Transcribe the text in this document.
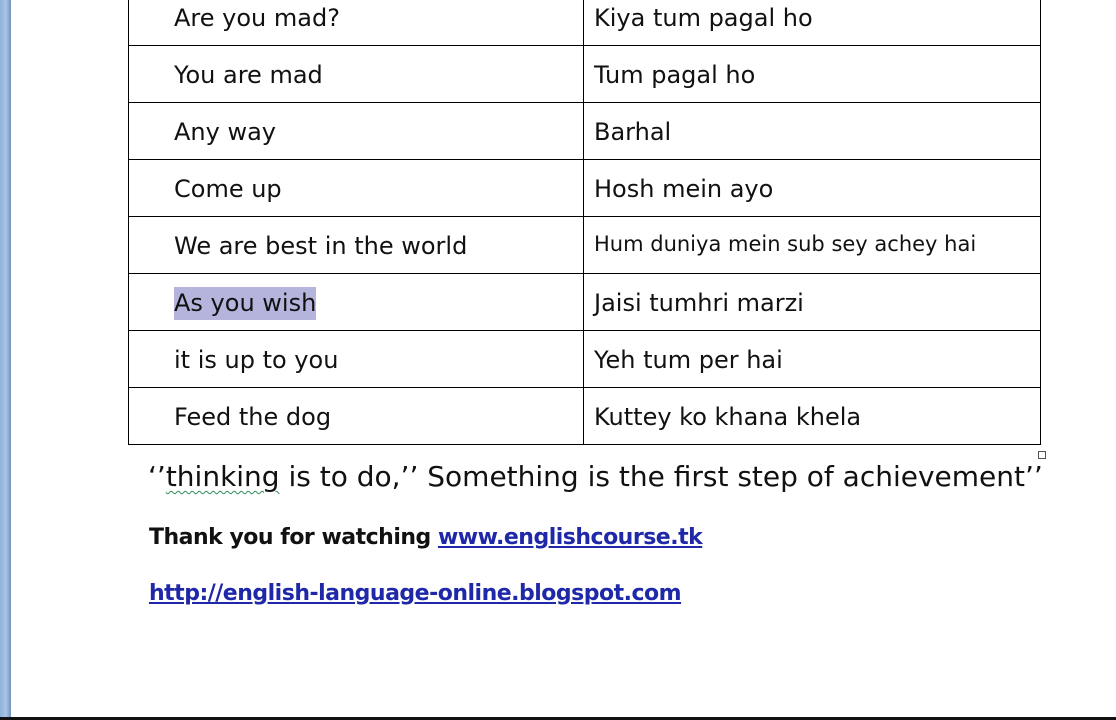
Are you mad?	Kiya tum pagal ho
You are mad	Tum pagal ho
Any way	Barhal
Come up	Hosh mein ayo
We are best in the world	Hum duniya mein sub sey achey hai
As you wish	Jaisi tumhri marzi
it is up to you	Yeh tum per hai
Feed the dog	Kuttey ko khana khela
‘’thinking is to do,’’ Something is the first step of achievement’’
Thank you for watching www.englishcourse.tk
http://english-language-online.blogspot.com
